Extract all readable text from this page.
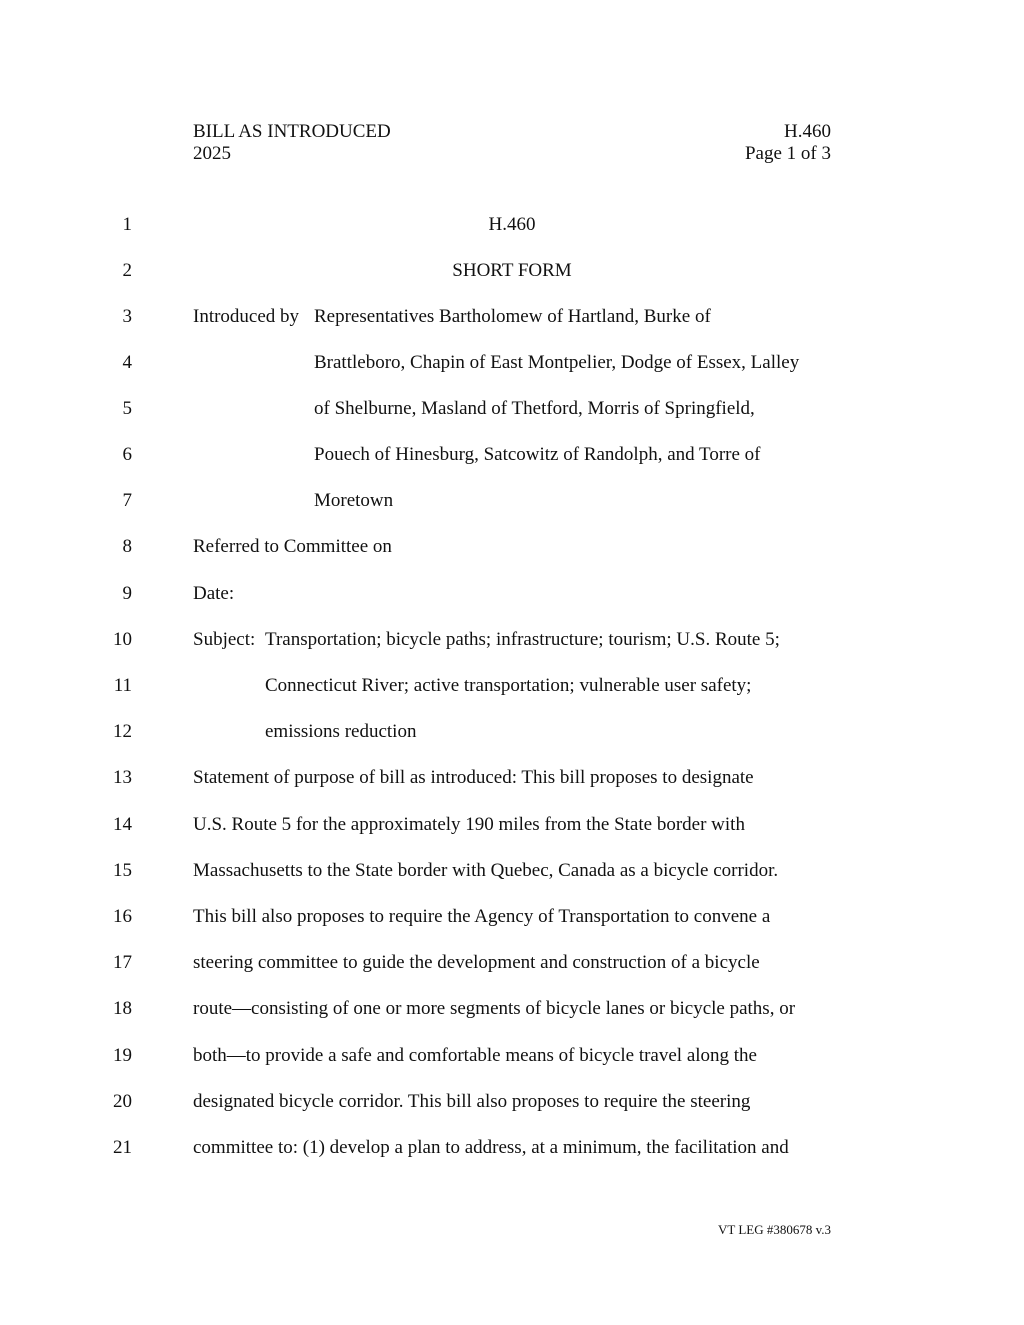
BILL AS INTRODUCED
2025
H.460
Page 1 of 3
1	H.460
2	SHORT FORM
3	Introduced by Representatives Bartholomew of Hartland, Burke of
4	Brattleboro, Chapin of East Montpelier, Dodge of Essex, Lalley
5	of Shelburne, Masland of Thetford, Morris of Springfield,
6	Pouech of Hinesburg, Satcowitz of Randolph, and Torre of
7	Moretown
8	Referred to Committee on
9	Date:
10	Subject: Transportation; bicycle paths; infrastructure; tourism; U.S. Route 5;
11	Connecticut River; active transportation; vulnerable user safety;
12	emissions reduction
13	Statement of purpose of bill as introduced: This bill proposes to designate
14	U.S. Route 5 for the approximately 190 miles from the State border with
15	Massachusetts to the State border with Quebec, Canada as a bicycle corridor.
16	This bill also proposes to require the Agency of Transportation to convene a
17	steering committee to guide the development and construction of a bicycle
18	route—consisting of one or more segments of bicycle lanes or bicycle paths, or
19	both—to provide a safe and comfortable means of bicycle travel along the
20	designated bicycle corridor. This bill also proposes to require the steering
21	committee to: (1) develop a plan to address, at a minimum, the facilitation and
VT LEG #380678 v.3
